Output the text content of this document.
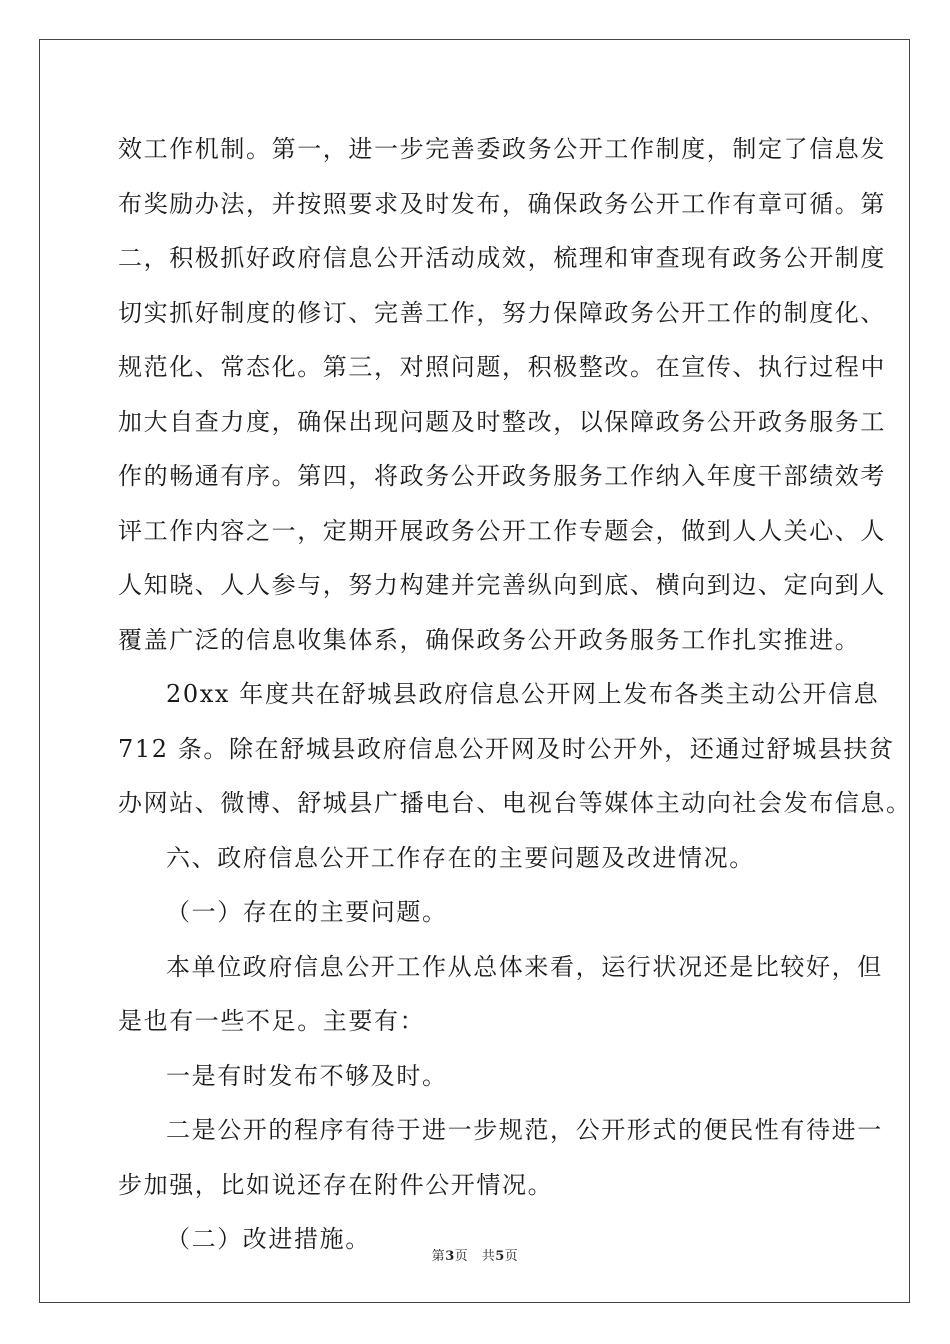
效工作机制。第一，进一步完善委政务公开工作制度，制定了信息发
布奖励办法，并按照要求及时发布，确保政务公开工作有章可循。第
二，积极抓好政府信息公开活动成效，梳理和审查现有政务公开制度
切实抓好制度的修订、完善工作，努力保障政务公开工作的制度化、
规范化、常态化。第三，对照问题，积极整改。在宣传、执行过程中
加大自查力度，确保出现问题及时整改，以保障政务公开政务服务工
作的畅通有序。第四，将政务公开政务服务工作纳入年度干部绩效考
评工作内容之一，定期开展政务公开工作专题会，做到人人关心、人
人知晓、人人参与，努力构建并完善纵向到底、横向到边、定向到人
覆盖广泛的信息收集体系，确保政务公开政务服务工作扎实推进。
20xx 年度共在舒城县政府信息公开网上发布各类主动公开信息
712 条。除在舒城县政府信息公开网及时公开外，还通过舒城县扶贫
办网站、微博、舒城县广播电台、电视台等媒体主动向社会发布信息。
六、政府信息公开工作存在的主要问题及改进情况。
（一）存在的主要问题。
本单位政府信息公开工作从总体来看，运行状况还是比较好，但
是也有一些不足。主要有：
一是有时发布不够及时。
二是公开的程序有待于进一步规范，公开形式的便民性有待进一
步加强，比如说还存在附件公开情况。
（二）改进措施。
第3页　共5页
